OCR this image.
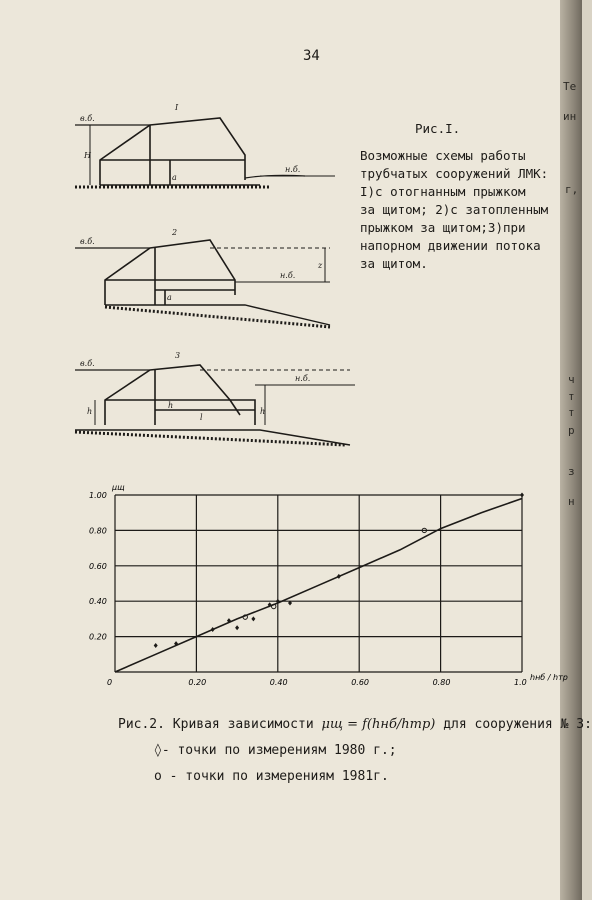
34
I
2
3
в.б.
в.б.
в.б.
н.б.
н.б.
н.б.
H
a
a
z
h
h
l
h
Рис.I.
Возможные схемы работы
трубчатых сооружений ЛМК:
I)с отогнанным прыжком
за щитом; 2)с затопленным
прыжком за щитом;3)при
напорном движении потока
за щитом.
0	0.20	0.40	0.60	0.80	1.0
0.20
0.40
0.60
0.80
1.00
μщ
hнб / hтр
Рис.2. Кривая зависимости μщ = f(hнб/hтр) для сооружения № 3:
◊- точки по измерениям 1980 г.;
o - точки по измерениям 1981г.
Те
ин
г,
ч
т
т
р
з
н
